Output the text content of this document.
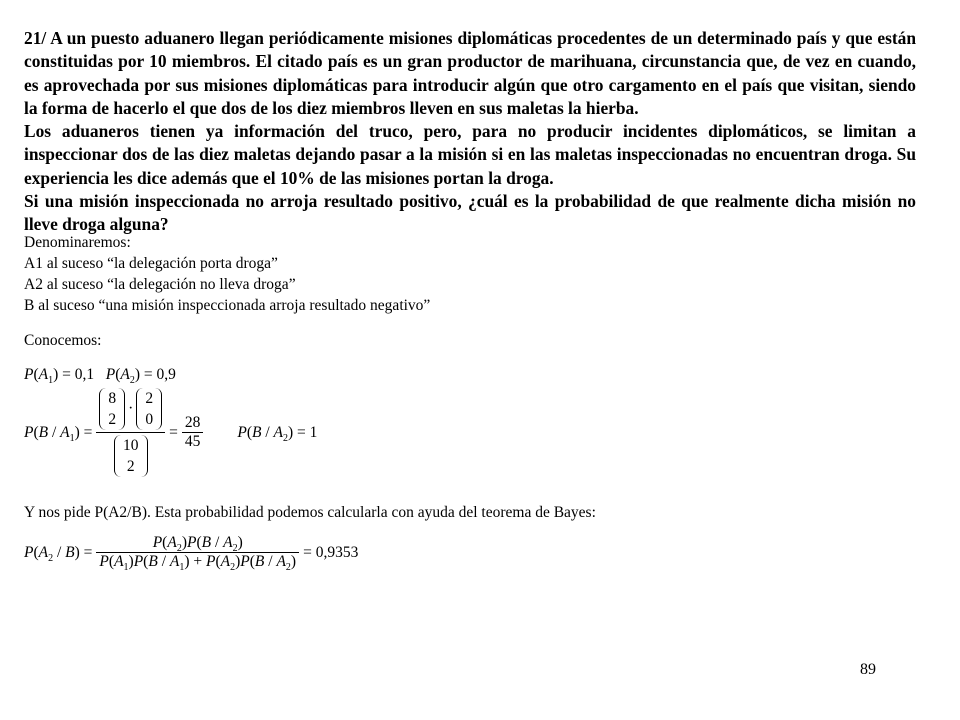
21/ A un puesto aduanero llegan periódicamente misiones diplomáticas procedentes de un determinado país y que están constituidas por 10 miembros. El citado país es un gran productor de marihuana, circunstancia que, de vez en cuando, es aprovechada por sus misiones diplomáticas para introducir algún que otro cargamento en el país que visitan, siendo la forma de hacerlo el que dos de los diez miembros lleven en sus maletas la hierba.

Los aduaneros tienen ya información del truco, pero, para no producir incidentes diplomáticos, se limitan a inspeccionar dos de las diez maletas dejando pasar a la misión si en las maletas inspeccionadas no encuentran droga. Su experiencia les dice además que el 10% de las misiones portan la droga.

Si una misión inspeccionada no arroja resultado positivo, ¿cuál es la probabilidad de que realmente dicha misión no lleve droga alguna?

Denominaremos:
A1 al suceso “la delegación porta droga”
A2 al suceso “la delegación no lleva droga”
B al suceso “una misión inspeccionada arroja resultado negativo”
Conocemos:
$P(A_1) = 0,1$ $P(A_2) = 0,9$
$P(B / A_1) = 8$
2
·
2
0
10
$2 = \frac{28}{45} P(B / A_2) = 1$
Y nos pide P(A2/B). Esta probabilidad podemos calcularla con ayuda del teorema de Bayes:
$P(A_2 / B) = \frac{P(A_2)P(B / A_2)}{P(A_1)P(B / A_1) + P(A_2)P(B / A_2)} = 0,9353$
89
